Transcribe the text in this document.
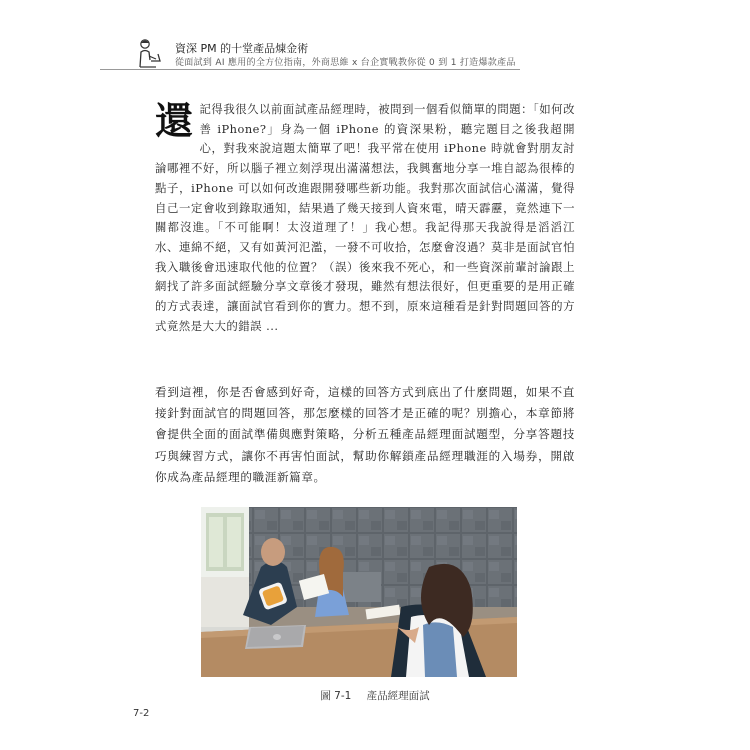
資深 PM 的十堂產品煉金術
從面試到 AI 應用的全方位指南，外商思維 x 台企實戰教你從 0 到 1 打造爆款產品
還 記得我很久以前面試產品經理時，被問到一個看似簡單的問題：「如何改善 iPhone?」身為一個 iPhone 的資深果粉，聽完題目之後我超開心，對我來說這題太簡單了吧！我平常在使用 iPhone 時就會對朋友討論哪裡不好，所以腦子裡立刻浮現出滿滿想法，我興奮地分享一堆自認為很棒的點子，iPhone 可以如何改進跟開發哪些新功能。我對那次面試信心滿滿，覺得自己一定會收到錄取通知，結果過了幾天接到人資來電，晴天霹靂，竟然連下一關都沒進。「不可能啊！太沒道理了！」我心想。我記得那天我說得是滔滔江水、連綿不絕，又有如黃河氾濫，一發不可收拾，怎麼會沒過？莫非是面試官怕我入職後會迅速取代他的位置？（誤）後來我不死心，和一些資深前輩討論跟上網找了許多面試經驗分享文章後才發現，雖然有想法很好，但更重要的是用正確的方式表達，讓面試官看到你的實力。想不到，原來這種看是針對問題回答的方式竟然是大大的錯誤 ...
看到這裡，你是否會感到好奇，這樣的回答方式到底出了什麼問題，如果不直接針對面試官的問題回答，那怎麼樣的回答才是正確的呢？別擔心，本章節將會提供全面的面試準備與應對策略，分析五種產品經理面試題型，分享答題技巧與練習方式，讓你不再害怕面試，幫助你解鎖產品經理職涯的入場券，開啟你成為產品經理的職涯新篇章。
圖 7-1 產品經理面試
7-2
